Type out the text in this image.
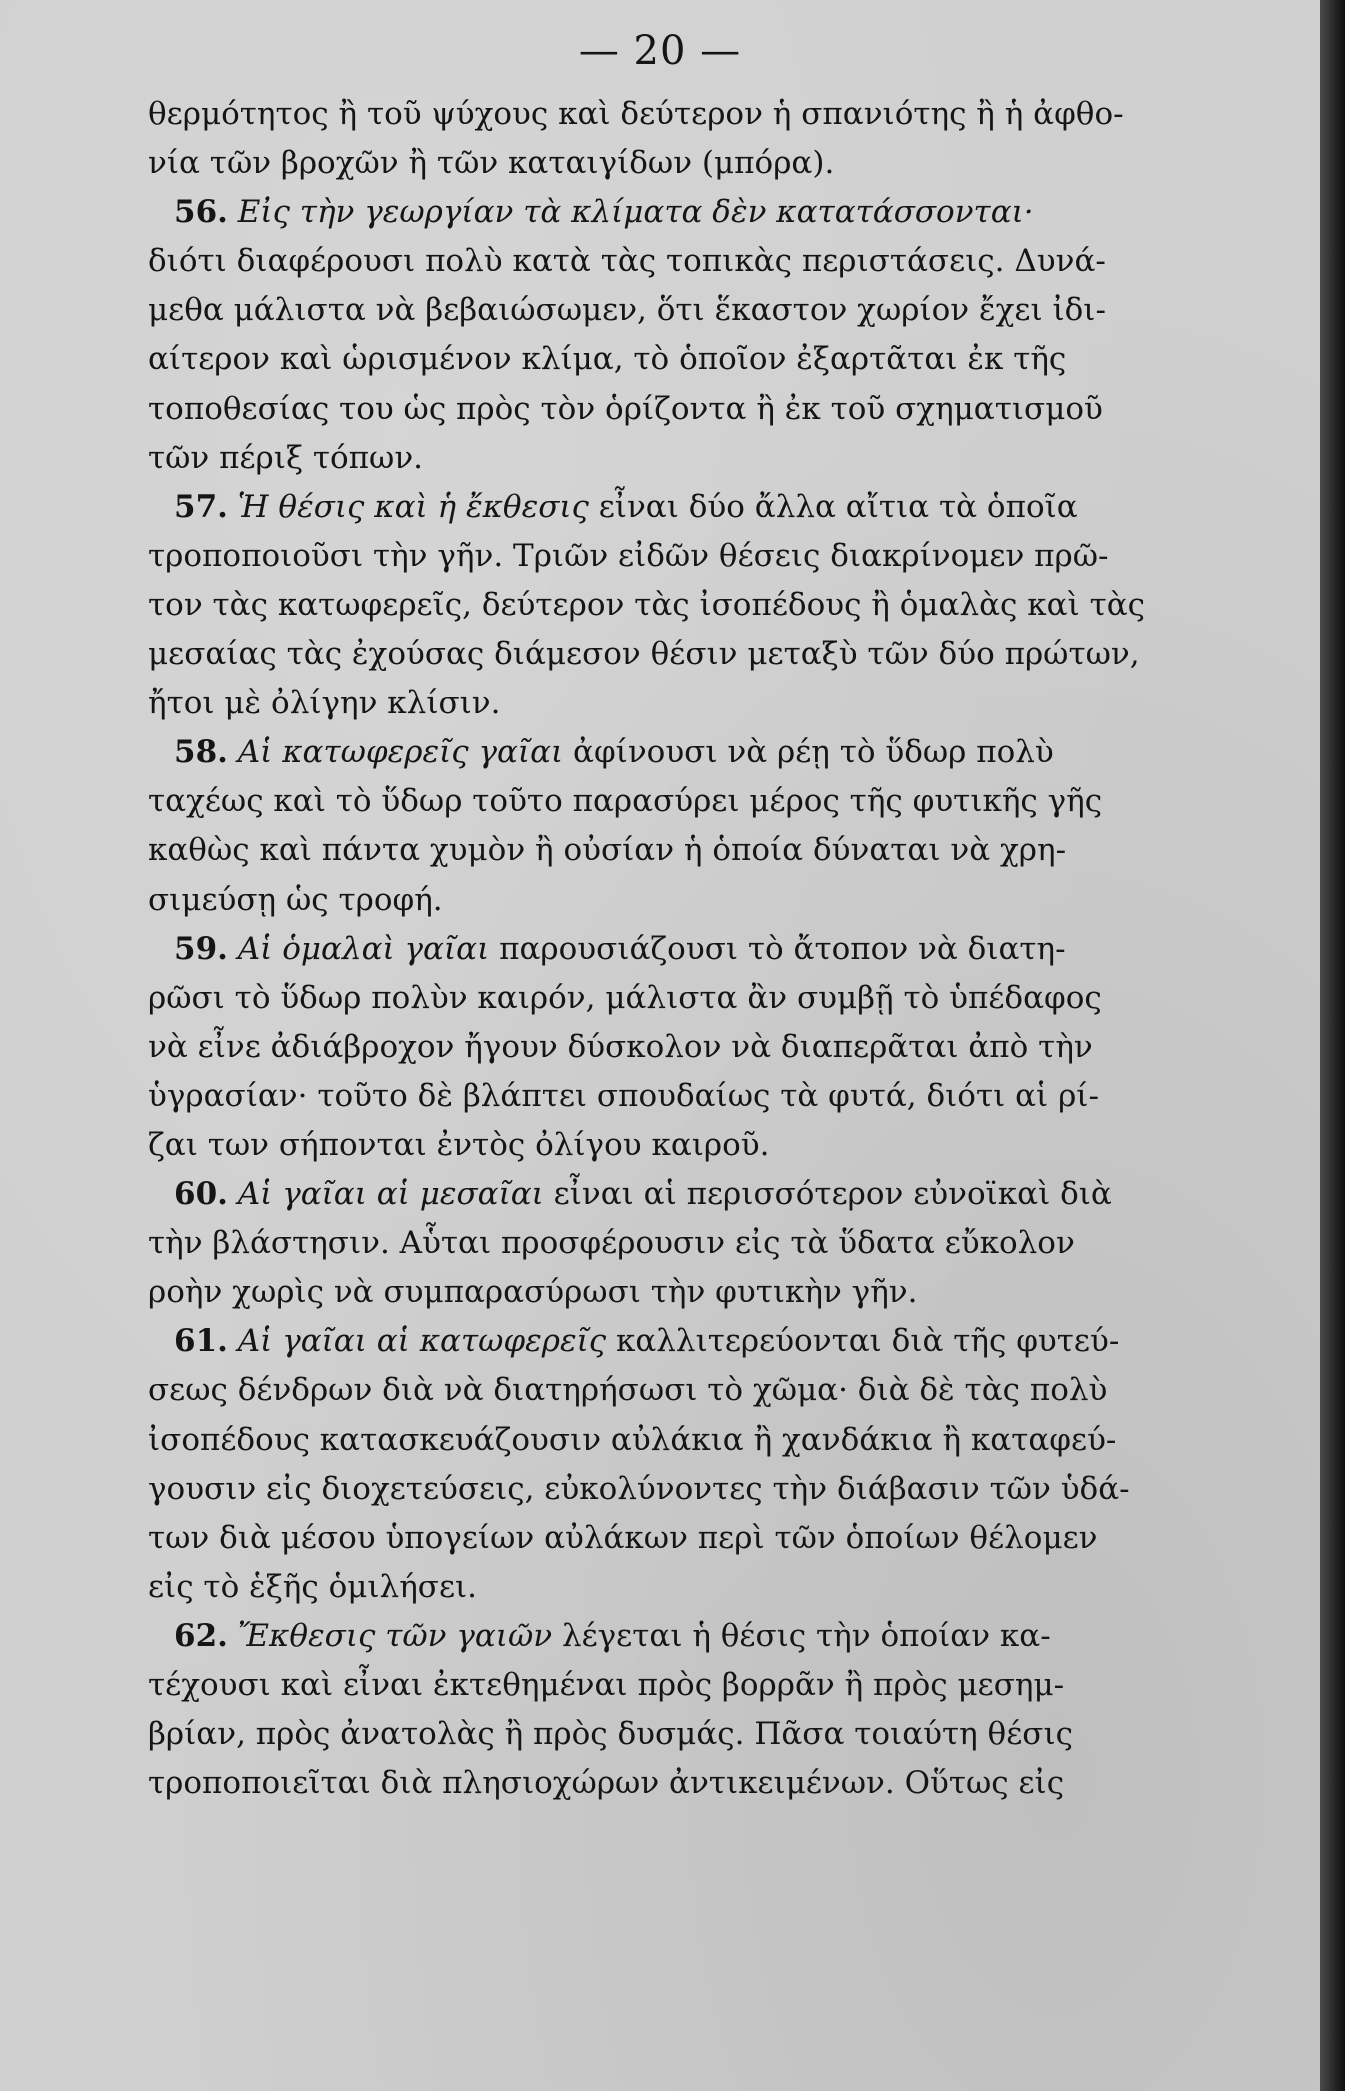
— 20 —
θερμότητος ἢ τοῦ ψύχους καὶ δεύτερον ἡ σπανιότης ἢ ἡ ἀφθο-
νία τῶν βροχῶν ἢ τῶν καταιγίδων (μπόρα).
56. Εἰς τὴν γεωργίαν τὰ κλίματα δὲν κατατάσσονται·
διότι διαφέρουσι πολὺ κατὰ τὰς τοπικὰς περιστάσεις. Δυνά-
μεθα μάλιστα νὰ βεβαιώσωμεν, ὅτι ἕκαστον χωρίον ἔχει ἰδι-
αίτερον καὶ ὡρισμένον κλίμα, τὸ ὁποῖον ἐξαρτᾶται ἐκ τῆς
τοποθεσίας του ὡς πρὸς τὸν ὁρίζοντα ἢ ἐκ τοῦ σχηματισμοῦ
τῶν πέριξ τόπων.
57. Ἡ θέσις καὶ ἡ ἔκθεσις εἶναι δύο ἄλλα αἴτια τὰ ὁποῖα
τροποποιοῦσι τὴν γῆν. Τριῶν εἰδῶν θέσεις διακρίνομεν πρῶ-
τον τὰς κατωφερεῖς, δεύτερον τὰς ἰσοπέδους ἢ ὁμαλὰς καὶ τὰς
μεσαίας τὰς ἐχούσας διάμεσον θέσιν μεταξὺ τῶν δύο πρώτων,
ἤτοι μὲ ὀλίγην κλίσιν.
58. Αἱ κατωφερεῖς γαῖαι ἀφίνουσι νὰ ρέῃ τὸ ὕδωρ πολὺ
ταχέως καὶ τὸ ὕδωρ τοῦτο παρασύρει μέρος τῆς φυτικῆς γῆς
καθὼς καὶ πάντα χυμὸν ἢ οὐσίαν ἡ ὁποία δύναται νὰ χρη-
σιμεύσῃ ὡς τροφή.
59. Αἱ ὁμαλαὶ γαῖαι παρουσιάζουσι τὸ ἄτοπον νὰ διατη-
ρῶσι τὸ ὕδωρ πολὺν καιρόν, μάλιστα ἂν συμβῇ τὸ ὑπέδαφος
νὰ εἶνε ἀδιάβροχον ἤγουν δύσκολον νὰ διαπερᾶται ἀπὸ τὴν
ὑγρασίαν· τοῦτο δὲ βλάπτει σπουδαίως τὰ φυτά, διότι αἱ ρί-
ζαι των σήπονται ἐντὸς ὀλίγου καιροῦ.
60. Αἱ γαῖαι αἱ μεσαῖαι εἶναι αἱ περισσότερον εὐνοϊκαὶ διὰ
τὴν βλάστησιν. Αὗται προσφέρουσιν εἰς τὰ ὕδατα εὔκολον
ροὴν χωρὶς νὰ συμπαρασύρωσι τὴν φυτικὴν γῆν.
61. Αἱ γαῖαι αἱ κατωφερεῖς καλλιτερεύονται διὰ τῆς φυτεύ-
σεως δένδρων διὰ νὰ διατηρήσωσι τὸ χῶμα· διὰ δὲ τὰς πολὺ
ἰσοπέδους κατασκευάζουσιν αὐλάκια ἢ χανδάκια ἢ καταφεύ-
γουσιν εἰς διοχετεύσεις, εὐκολύνοντες τὴν διάβασιν τῶν ὑδά-
των διὰ μέσου ὑπογείων αὐλάκων περὶ τῶν ὁποίων θέλομεν
εἰς τὸ ἑξῆς ὁμιλήσει.
62. Ἔκθεσις τῶν γαιῶν λέγεται ἡ θέσις τὴν ὁποίαν κα-
τέχουσι καὶ εἶναι ἐκτεθημέναι πρὸς βορρᾶν ἢ πρὸς μεσημ-
βρίαν, πρὸς ἀνατολὰς ἢ πρὸς δυσμάς. Πᾶσα τοιαύτη θέσις
τροποποιεῖται διὰ πλησιοχώρων ἀντικειμένων. Οὕτως εἰς
